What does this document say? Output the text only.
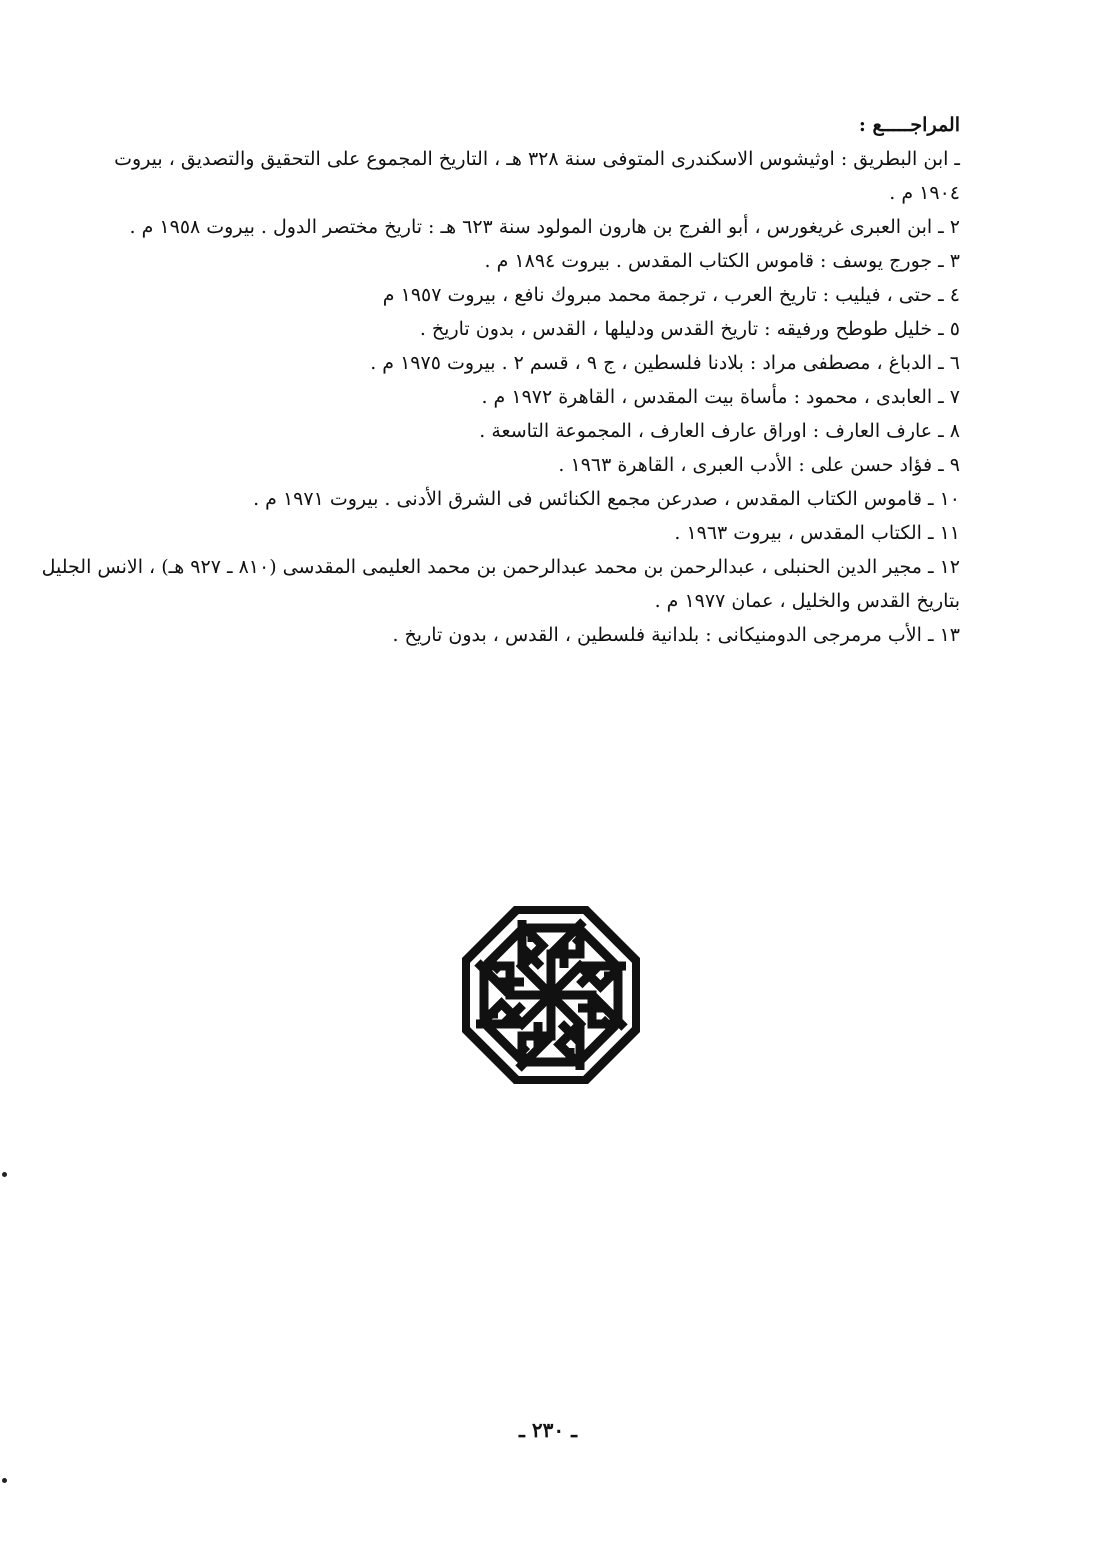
المراجـــــع :
ـ ابن البطريق : اوثيشوس الاسكندرى المتوفى سنة ٣٢٨ هـ ، التاريخ المجموع على التحقيق والتصديق ، بيروت
١٩٠٤ م .
٢ ـ ابن العبرى غريغورس ، أبو الفرج بن هارون المولود سنة ٦٢٣ هـ : تاريخ مختصر الدول . بيروت ١٩٥٨ م .
٣ ـ جورج يوسف : قاموس الكتاب المقدس . بيروت ١٨٩٤ م .
٤ ـ حتى ، فيليب : تاريخ العرب ، ترجمة محمد مبروك نافع ، بيروت ١٩٥٧ م
٥ ـ خليل طوطح ورفيقه : تاريخ القدس ودليلها ، القدس ، بدون تاريخ .
٦ ـ الدباغ ، مصطفى مراد : بلادنا فلسطين ، ج ٩ ، قسم ٢ . بيروت ١٩٧٥ م .
٧ ـ العابدى ، محمود : مأساة بيت المقدس ، القاهرة ١٩٧٢ م .
٨ ـ عارف العارف : اوراق عارف العارف ، المجموعة التاسعة .
٩ ـ فؤاد حسن على : الأدب العبرى ، القاهرة ١٩٦٣ .
١٠ ـ قاموس الكتاب المقدس ، صدرعن مجمع الكنائس فى الشرق الأدنى . بيروت ١٩٧١ م .
١١ ـ الكتاب المقدس ، بيروت ١٩٦٣ .
١٢ ـ مجير الدين الحنبلى ، عبدالرحمن بن محمد عبدالرحمن بن محمد العليمى المقدسى (٨١٠ ـ ٩٢٧ هـ) ، الانس الجليل
بتاريخ القدس والخليل ، عمان ١٩٧٧ م .
١٣ ـ الأب مرمرجى الدومنيكانى : بلدانية فلسطين ، القدس ، بدون تاريخ .
ـ ٢٣٠ ـ
